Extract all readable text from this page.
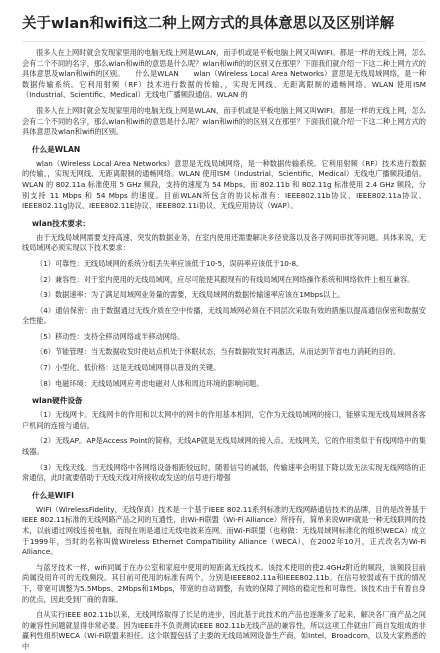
关于wlan和wifi这二种上网方式的具体意思以及区别详解

很多人在上网时就会发现家里用的电脑无线上网是WLAN，而手机或是平板电脑上网又叫WIFI。都是一样的无线上网，怎么会有二个不同的名字，那么wlan和wifi的意思是什么呢？wlan和wifi的的区别又在那里？下面我们就介绍一下这二种上网方式的具体意思及wlan和wifi的区别。　　什么是WLAN　　wlan（Wireless Local Area Networks）意思是无线局域网络，是一种数据传输系统。它利用射频（RF）技术进行数据的传输，，实现无网线、无距离限制的通畅网络。WLAN 使用ISM（Industrial、Scientific、Medical）无线电广播频段通信。WLAN 的

很多人在上网时就会发现家里用的电脑无线上网是WLAN，而手机或是平板电脑上网又叫WIFI。都是一样的无线上网，怎么会有二个不同的名字，那么wlan和wifi的意思是什么呢？wlan和wifi的的区别又在那里？下面我们就介绍一下这二种上网方式的具体意思及wlan和wifi的区别。

什么是WLAN

wlan（Wireless Local Area Networks）意思是无线局域网络，是一种数据传输系统。它利用射频（RF）技术进行数据的传输，，实现无网线、无距离限制的通畅网络。WLAN 使用ISM（Industrial、Scientific、Medical）无线电广播频段通信。WLAN 的 802.11a 标准使用 5 GHz 频段，支持的速度为 54 Mbps，而 802.11b 和 802.11g 标准使用 2.4 GHz 频段，分别支持 11 Mbps 和 54 Mbps 的速度。目前WLAN所包含的协议标准有：IEEE802.11b协议、IEEE802.11a协议、IEEE802.11g协议、IEEE802.11E协议、IEEE802.11i协议、无线应用协议（WAP）。

wlan技术要求：

由于无线局域网需要支持高速、突发的数据业务，在室内使用还需要解决多径衰落以及各子网间串扰等问题。具体来说，无线局域网必须实现以下技术要求：

（1）可靠性：无线局域网的系统分组丢失率应该低于10-5，误码率应该低于10-8。

（2）兼容性：对于室内使用的无线局域网，应尽可能使其跟现有的有线局域网在网络操作系统和网络软件上相互兼容。

（3）数据速率：为了满足局域网业务量的需要，无线局域网的数据传输速率应该在1Mbps以上。

（4）通信保密：由于数据通过无线介质在空中传播，无线局域网必须在不同层次采取有效的措施以提高通信保密和数据安全性能。

（5）移动性：支持全移动网络或半移动网络。

（6）节能管理：当无数据收发时使站点机处于休眠状态，当有数据收发时再激活，从而达到节省电力消耗的目的。

（7）小型化、低价格：这是无线局域网得以普及的关键。

（8）电磁环境：无线局域网应考虑电磁对人体和周边环境的影响问题。

wlan硬件设备

（1）无线网卡。无线网卡的作用和以太网中的网卡的作用基本相同，它作为无线局域网的接口，能够实现无线局域网各客户机间的连接与通信。

（2）无线AP。AP是Access Point的简称，无线AP就是无线局域网的接入点、无线网关，它的作用类似于有线网络中的集线器。

（3）无线天线。当无线网络中各网络设备相距较远时，随着信号的减弱，传输速率会明显下降以致无法实现无线网络的正常通信，此时就要借助于无线天线对所接收或发送的信号进行增强

什么是WIFI

WIFI（WirelessFidelity，无线保真）技术是一个基于IEEE 802.11系列标准的无线网路通信技术的品牌，目的是改善基于IEEE 802.11标准的无线网路产品之间的互通性，由Wi-Fi联盟（Wi-Fi Alliance）所持有，简单来说WIFI就是一种无线联网的技术，以前通过网线连接电脑，而现在则是通过无线电波来连网。而Wi-Fi联盟（也称做：无线局域网标准化的组织WECA）成立于1999年，当时的名称叫做Wireless Ethernet CompaTIbility Alliance（WECA），在2002年10月，正式改名为Wi-Fi Alliance。

与蓝牙技术一样，wifi同属于在办公室和家庭中使用的短距离无线技术。该技术使用的使2.4GHz附近的频段，该频段目前尚属没用许可的无线频段。其目前可使用的标准有两个，分别是IEEE802.11a和IEEE802.11b。在信号较弱或有干扰的情况下，带宽可调整为5.5Mbps、2Mbps和1Mbps，带宽的自动调整，有效的保障了网络的稳定性和可靠性。该技术由于有着自身的优点，因此受到厂商的青睐。

自从实行IEEE 802.11b以来，无线网络取得了长足的进步，因此基于此技术的产品也逐渐多了起来，解决各厂商产品之间的兼容性问题就显得非常必要。因为IEEE并不负责测试IEEE 802.11b无线产品的兼容性，所以这项工作就由厂商自发组成的非赢利性组织WECA（Wi-Fi联盟来担任。这个联盟包括了主要的无线局域网设备生产商，如Intel、Broadcom，以及大家熟悉的中
